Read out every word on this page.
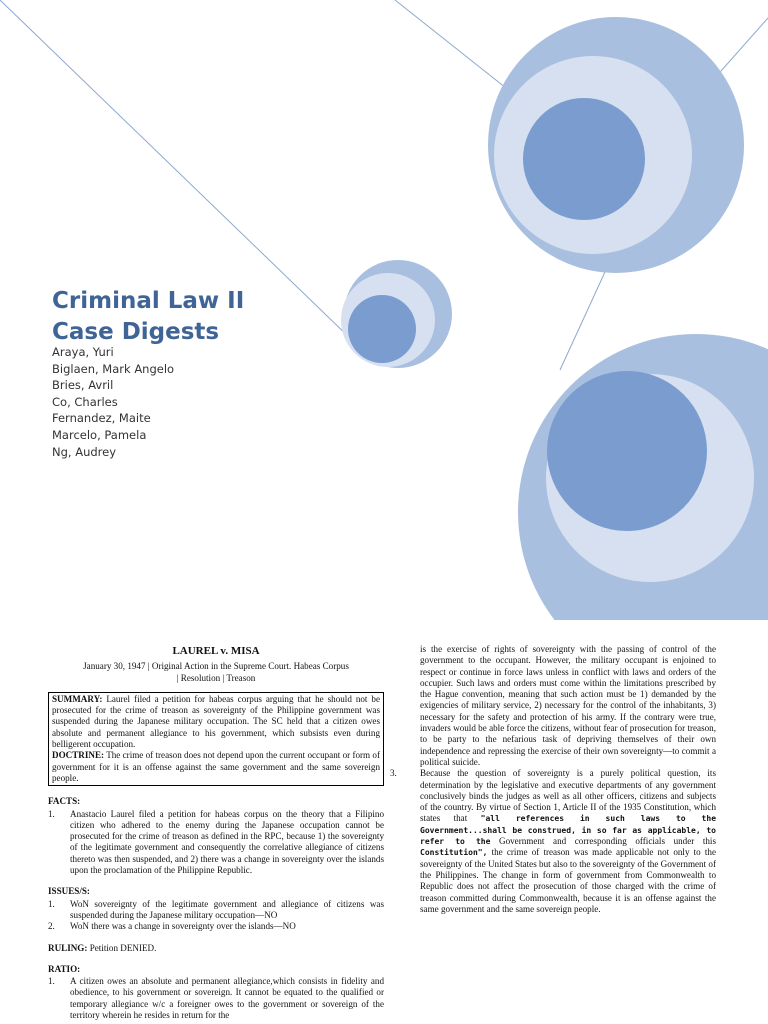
Criminal Law II
Case Digests
Araya, Yuri
Biglaen, Mark Angelo
Bries, Avril
Co, Charles
Fernandez, Maite
Marcelo, Pamela
Ng, Audrey
LAUREL v. MISA
January 30, 1947 | Original Action in the Supreme Court. Habeas Corpus
| Resolution | Treason

SUMMARY: Laurel filed a petition for habeas corpus arguing that he should not be prosecuted for the crime of treason as sovereignty of the Philippine government was suspended during the Japanese military occupation. The SC held that a citizen owes absolute and permanent allegiance to his government, which subsists even during belligerent occupation.

DOCTRINE: The crime of treason does not depend upon the current occupant or form of government for it is an offense against the same government and the same sovereign people.

FACTS:
1. Anastacio Laurel filed a petition for habeas corpus on the theory that a Filipino citizen who adhered to the enemy during the Japanese occupation cannot be prosecuted for the crime of treason as defined in the RPC, because 1) the sovereignty of the legitimate government and consequently the correlative allegiance of citizens thereto was then suspended, and 2) there was a change in sovereignty over the islands upon the proclamation of the Philippine Republic.
ISSUES/S:
1. WoN sovereignty of the legitimate government and allegiance of citizens was suspended during the Japanese military occupation—NO
2. WoN there was a change in sovereignty over the islands—NO
RULING: Petition DENIED.
RATIO:
1. A citizen owes an absolute and permanent allegiance,which consists in fidelity and obedience, to his government or sovereign. It cannot be equated to the qualified or temporary allegiance w/c a foreigner owes to the government or sovereign of the territory wherein he resides in return for the

is the exercise of rights of sovereignty with the passing of control of the government to the occupant. However, the military occupant is enjoined to respect or continue in force laws unless in conflict with laws and orders of the occupier. Such laws and orders must come within the limitations prescribed by the Hague convention, meaning that such action must be 1) demanded by the exigencies of military service, 2) necessary for the control of the inhabitants, 3) necessary for the safety and protection of his army. If the contrary were true, invaders would be able force the citizens, without fear of prosecution for treason, to be party to the nefarious task of depriving themselves of their own independence and repressing the exercise of their own sovereignty—to commit a political suicide.

3.	Because the question of sovereignty is a purely political question, its determination by the legislative and executive departments of any government conclusively binds the judges as well as all other officers, citizens and subjects of the country. By virtue of Section 1, Article II of the 1935 Constitution, which states that "all references in such laws to the Government...shall be construed, in so far as applicable, to refer to the Government and corresponding officials under this Constitution", the crime of treason was made applicable not only to the sovereignty of the United States but also to the sovereignty of the Government of the Philippines. The change in form of government from Commonwealth to Republic does not affect the prosecution of those charged with the crime of treason committed during Commonwealth, because it is an offense against the same government and the same sovereign people.
